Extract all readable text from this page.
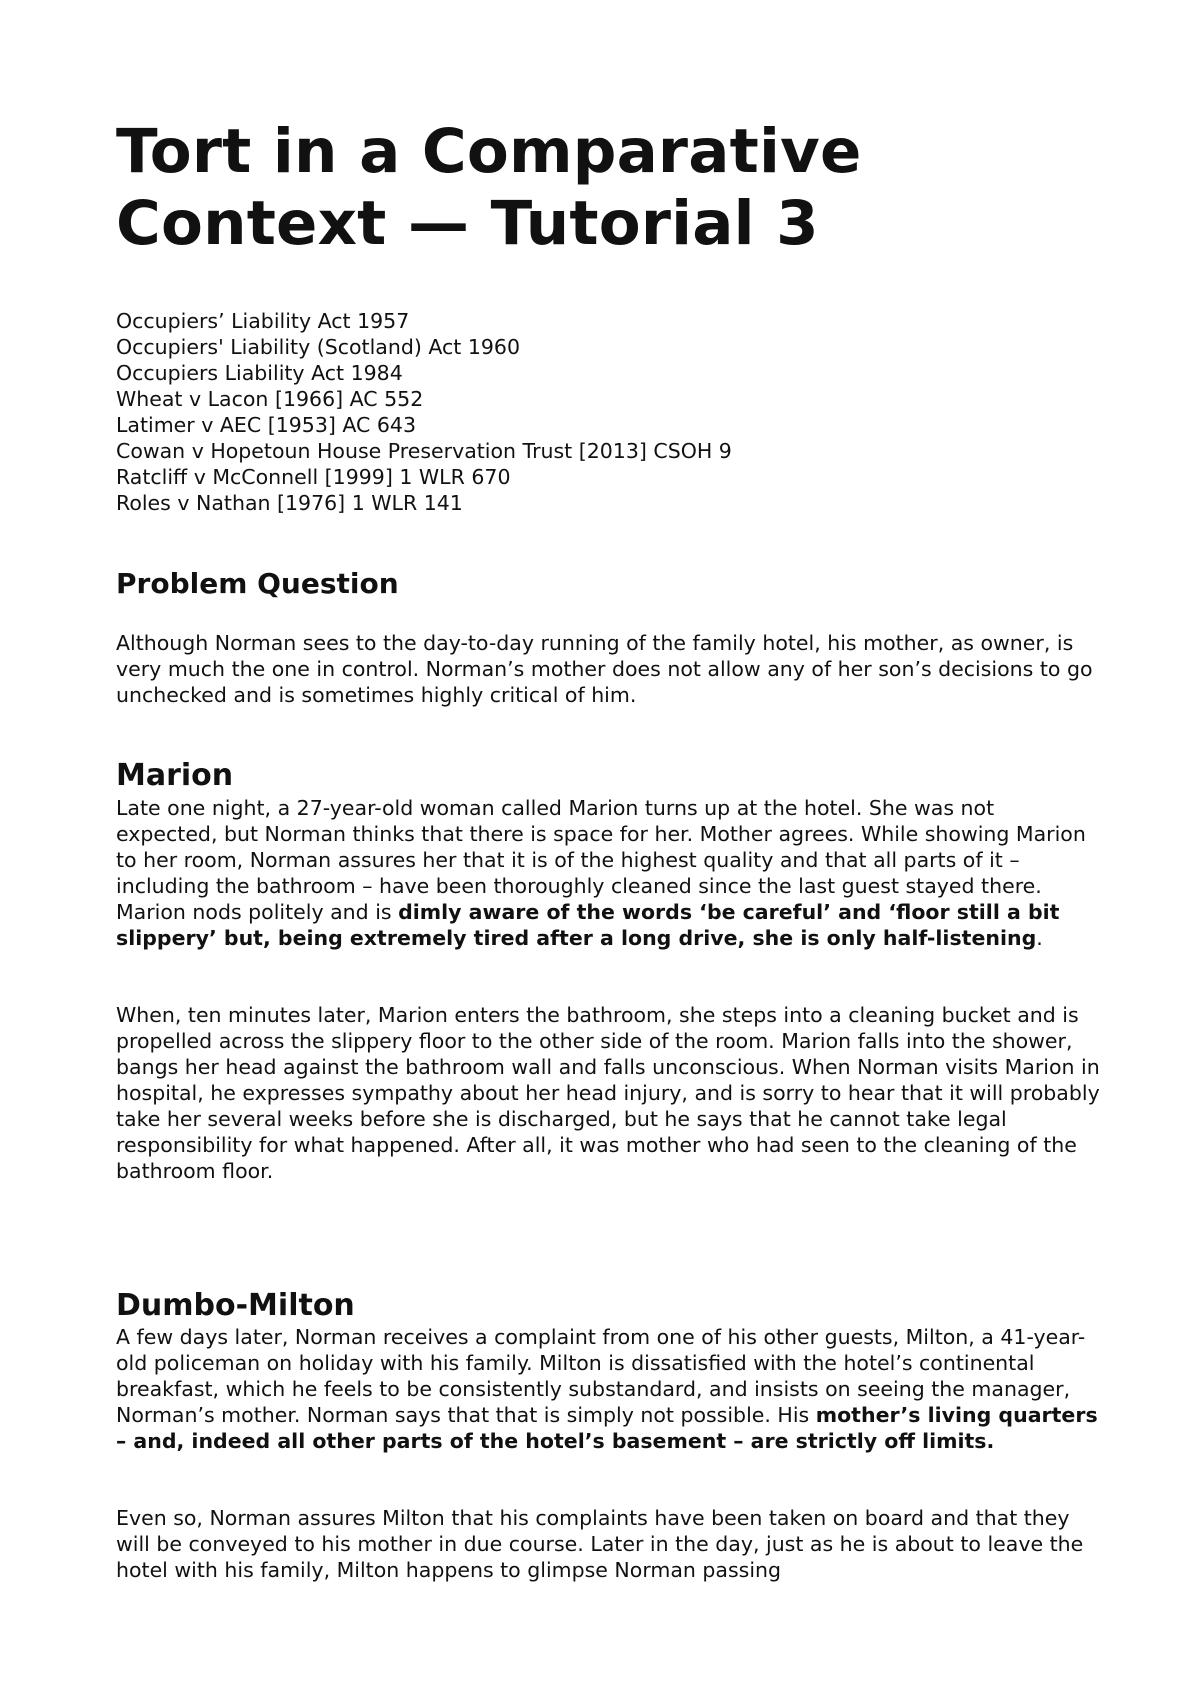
Tort in a Comparative
Context — Tutorial 3
Occupiers’ Liability Act 1957
Occupiers' Liability (Scotland) Act 1960
Occupiers Liability Act 1984
Wheat v Lacon [1966] AC 552
Latimer v AEC [1953] AC 643
Cowan v Hopetoun House Preservation Trust [2013] CSOH 9
Ratcliff v McConnell [1999] 1 WLR 670
Roles v Nathan [1976] 1 WLR 141
Problem Question

Although Norman sees to the day-to-day running of the family hotel, his mother, as owner, is very much the one in control. Norman’s mother does not allow any of her son’s decisions to go unchecked and is sometimes highly critical of him.

Marion

Late one night, a 27-year-old woman called Marion turns up at the hotel. She was not expected, but Norman thinks that there is space for her. Mother agrees. While showing Marion to her room, Norman assures her that it is of the highest quality and that all parts of it – including the bathroom – have been thoroughly cleaned since the last guest stayed there. Marion nods politely and is dimly aware of the words ‘be careful’ and ‘floor still a bit slippery’ but, being extremely tired after a long drive, she is only half-listening.

When, ten minutes later, Marion enters the bathroom, she steps into a cleaning bucket and is propelled across the slippery floor to the other side of the room. Marion falls into the shower, bangs her head against the bathroom wall and falls unconscious. When Norman visits Marion in hospital, he expresses sympathy about her head injury, and is sorry to hear that it will probably take her several weeks before she is discharged, but he says that he cannot take legal responsibility for what happened. After all, it was mother who had seen to the cleaning of the bathroom floor.

Dumbo-Milton

A few days later, Norman receives a complaint from one of his other guests, Milton, a 41-year-old policeman on holiday with his family. Milton is dissatisfied with the hotel’s continental breakfast, which he feels to be consistently substandard, and insists on seeing the manager, Norman’s mother. Norman says that that is simply not possible. His mother’s living quarters – and, indeed all other parts of the hotel’s basement – are strictly off limits.

Even so, Norman assures Milton that his complaints have been taken on board and that they will be conveyed to his mother in due course. Later in the day, just as he is about to leave the hotel with his family, Milton happens to glimpse Norman passing
